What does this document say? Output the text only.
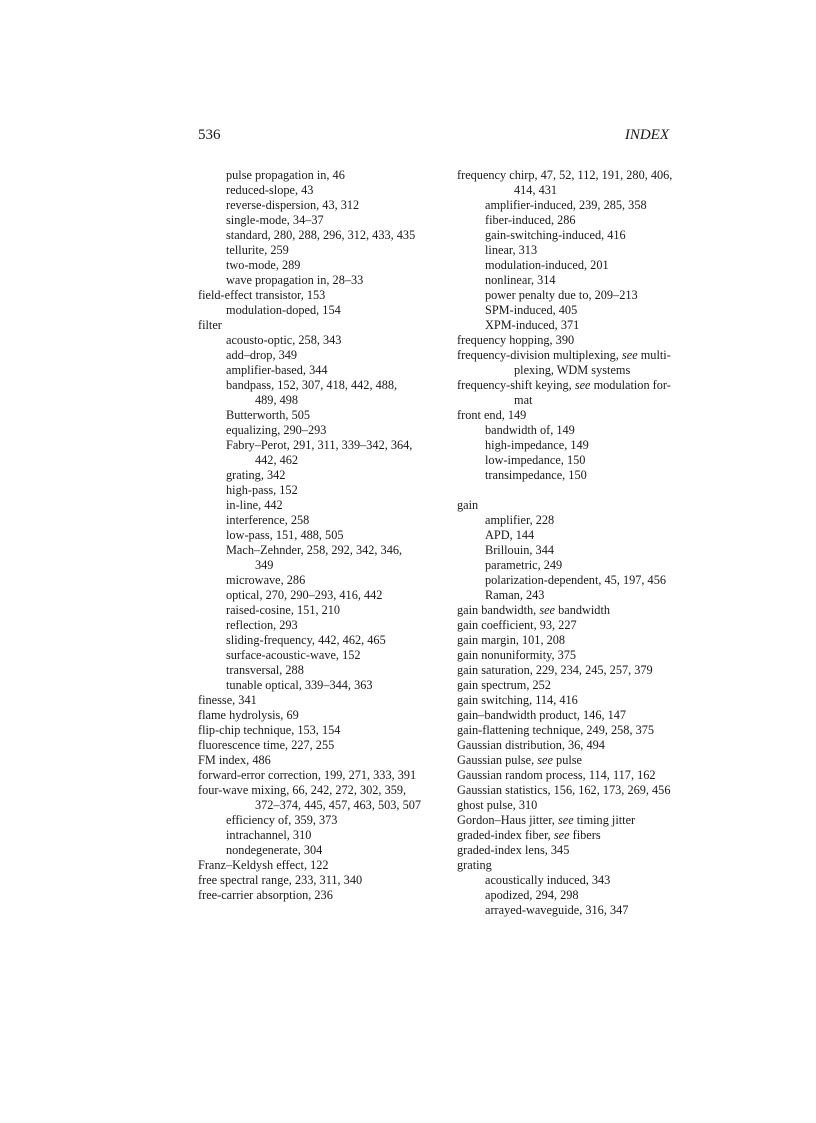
536	INDEX
pulse propagation in, 46
reduced-slope, 43
reverse-dispersion, 43, 312
single-mode, 34–37
standard, 280, 288, 296, 312, 433, 435
tellurite, 259
two-mode, 289
wave propagation in, 28–33
field-effect transistor, 153
modulation-doped, 154
filter
acousto-optic, 258, 343
add–drop, 349
amplifier-based, 344
bandpass, 152, 307, 418, 442, 488,
489, 498
Butterworth, 505
equalizing, 290–293
Fabry–Perot, 291, 311, 339–342, 364,
442, 462
grating, 342
high-pass, 152
in-line, 442
interference, 258
low-pass, 151, 488, 505
Mach–Zehnder, 258, 292, 342, 346,
349
microwave, 286
optical, 270, 290–293, 416, 442
raised-cosine, 151, 210
reflection, 293
sliding-frequency, 442, 462, 465
surface-acoustic-wave, 152
transversal, 288
tunable optical, 339–344, 363
finesse, 341
flame hydrolysis, 69
flip-chip technique, 153, 154
fluorescence time, 227, 255
FM index, 486
forward-error correction, 199, 271, 333, 391
four-wave mixing, 66, 242, 272, 302, 359,
372–374, 445, 457, 463, 503, 507
efficiency of, 359, 373
intrachannel, 310
nondegenerate, 304
Franz–Keldysh effect, 122
free spectral range, 233, 311, 340
free-carrier absorption, 236
frequency chirp, 47, 52, 112, 191, 280, 406,
414, 431
amplifier-induced, 239, 285, 358
fiber-induced, 286
gain-switching-induced, 416
linear, 313
modulation-induced, 201
nonlinear, 314
power penalty due to, 209–213
SPM-induced, 405
XPM-induced, 371
frequency hopping, 390
frequency-division multiplexing, see multi-
plexing, WDM systems
frequency-shift keying, see modulation for-
mat
front end, 149
bandwidth of, 149
high-impedance, 149
low-impedance, 150
transimpedance, 150
gain
amplifier, 228
APD, 144
Brillouin, 344
parametric, 249
polarization-dependent, 45, 197, 456
Raman, 243
gain bandwidth, see bandwidth
gain coefficient, 93, 227
gain margin, 101, 208
gain nonuniformity, 375
gain saturation, 229, 234, 245, 257, 379
gain spectrum, 252
gain switching, 114, 416
gain–bandwidth product, 146, 147
gain-flattening technique, 249, 258, 375
Gaussian distribution, 36, 494
Gaussian pulse, see pulse
Gaussian random process, 114, 117, 162
Gaussian statistics, 156, 162, 173, 269, 456
ghost pulse, 310
Gordon–Haus jitter, see timing jitter
graded-index fiber, see fibers
graded-index lens, 345
grating
acoustically induced, 343
apodized, 294, 298
arrayed-waveguide, 316, 347
